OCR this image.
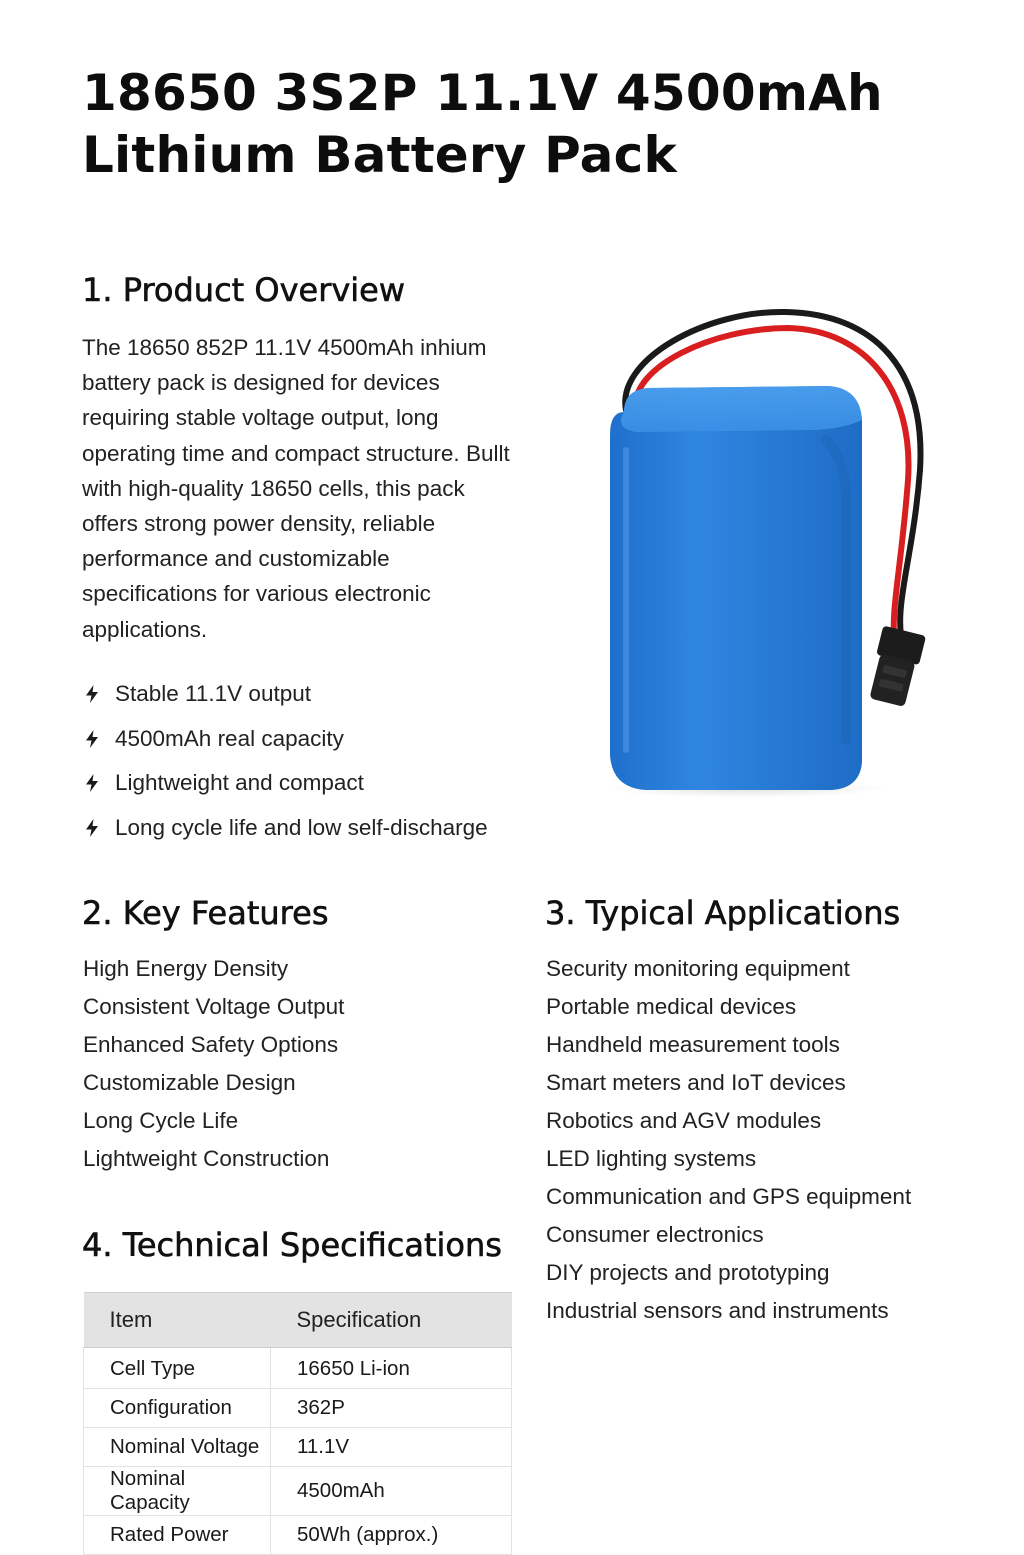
18650 3S2P 11.1V 4500mAh Lithium Battery Pack
1. Product Overview

The 18650 852P 11.1V 4500mAh inhium battery pack is designed for devices requiring stable voltage output, long operating time and compact structure. Bullt with high-quality 18650 cells, this pack offers strong power density, reliable performance and customizable specifications for various electronic applications.

Stable 11.1V output
4500mAh real capacity
Lightweight and compact
Long cycle life and low self-discharge
2. Key Features
High Energy Density
Consistent Voltage Output
Enhanced Safety Options
Customizable Design
Long Cycle Life
Lightweight Construction
3. Typical Applications
Security monitoring equipment
Portable medical devices
Handheld measurement tools
Smart meters and IoT devices
Robotics and AGV modules
LED lighting systems
Communication and GPS equipment
Consumer electronics
DIY projects and prototyping
Industrial sensors and instruments
4. Technical Specifications
Item	Specification
Cell Type	16650 Li-ion
Configuration	362P
Nominal Voltage	11.1V
Nominal Capacity	4500mAh
Rated Power	50Wh (approx.)
